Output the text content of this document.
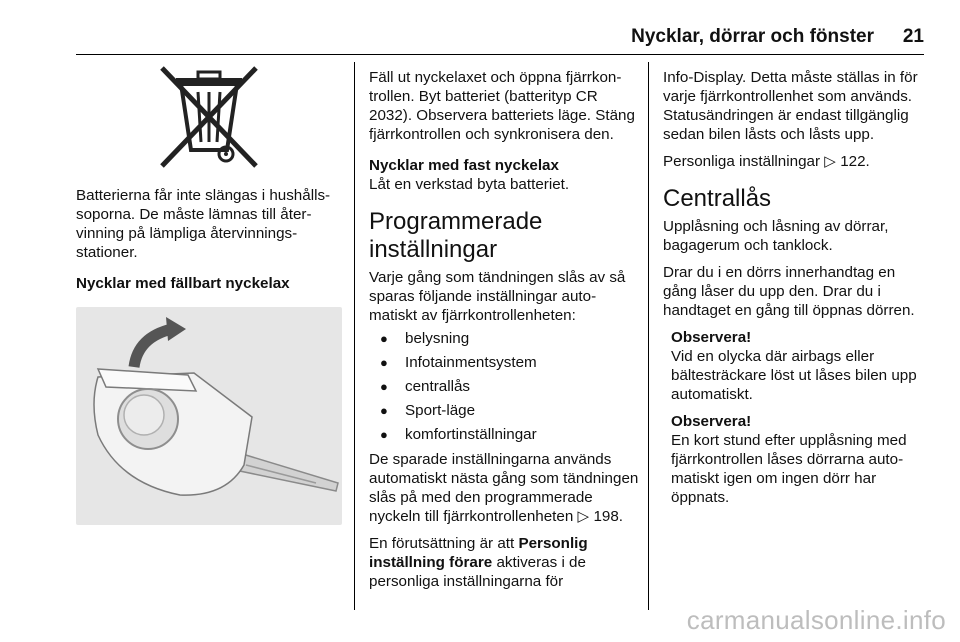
Nycklar, dörrar och fönster 21

Batterierna får inte slängas i hushållssoporna. De måste lämnas till återvinning på lämpliga återvinningsstationer.

Nycklar med fällbart nyckelax

Fäll ut nyckelaxet och öppna fjärrkontrollen. Byt batteriet (batterityp CR 2032). Observera batteriets läge. Stäng fjärrkontrollen och synkronisera den.

Nycklar med fast nyckelax

Låt en verkstad byta batteriet.

Programmerade inställningar

Varje gång som tändningen slås av så sparas följande inställningar automatiskt av fjärrkontrollenheten:

● belysning
● Infotainmentsystem
● centrallås
● Sport-läge
● komfortinställningar

De sparade inställningarna används automatiskt nästa gång som tändningen slås på med den programmerade nyckeln till fjärrkontrollenheten ▷ 198.

En förutsättning är att Personlig inställning förare aktiveras i de personliga inställningarna för

Info-Display. Detta måste ställas in för varje fjärrkontrollenhet som används. Statusändringen är endast tillgänglig sedan bilen låsts och låsts upp.

Personliga inställningar ▷ 122.

Centrallås

Upplåsning och låsning av dörrar, bagagerum och tanklock.

Drar du i en dörrs innerhandtag en gång låser du upp den. Drar du i handtaget en gång till öppnas dörren.

Observera!

Vid en olycka där airbags eller bältesträckare löst ut låses bilen upp automatiskt.

Observera!

En kort stund efter upplåsning med fjärrkontrollen låses dörrarna automatiskt igen om ingen dörr har öppnats.

carmanualsonline.info
